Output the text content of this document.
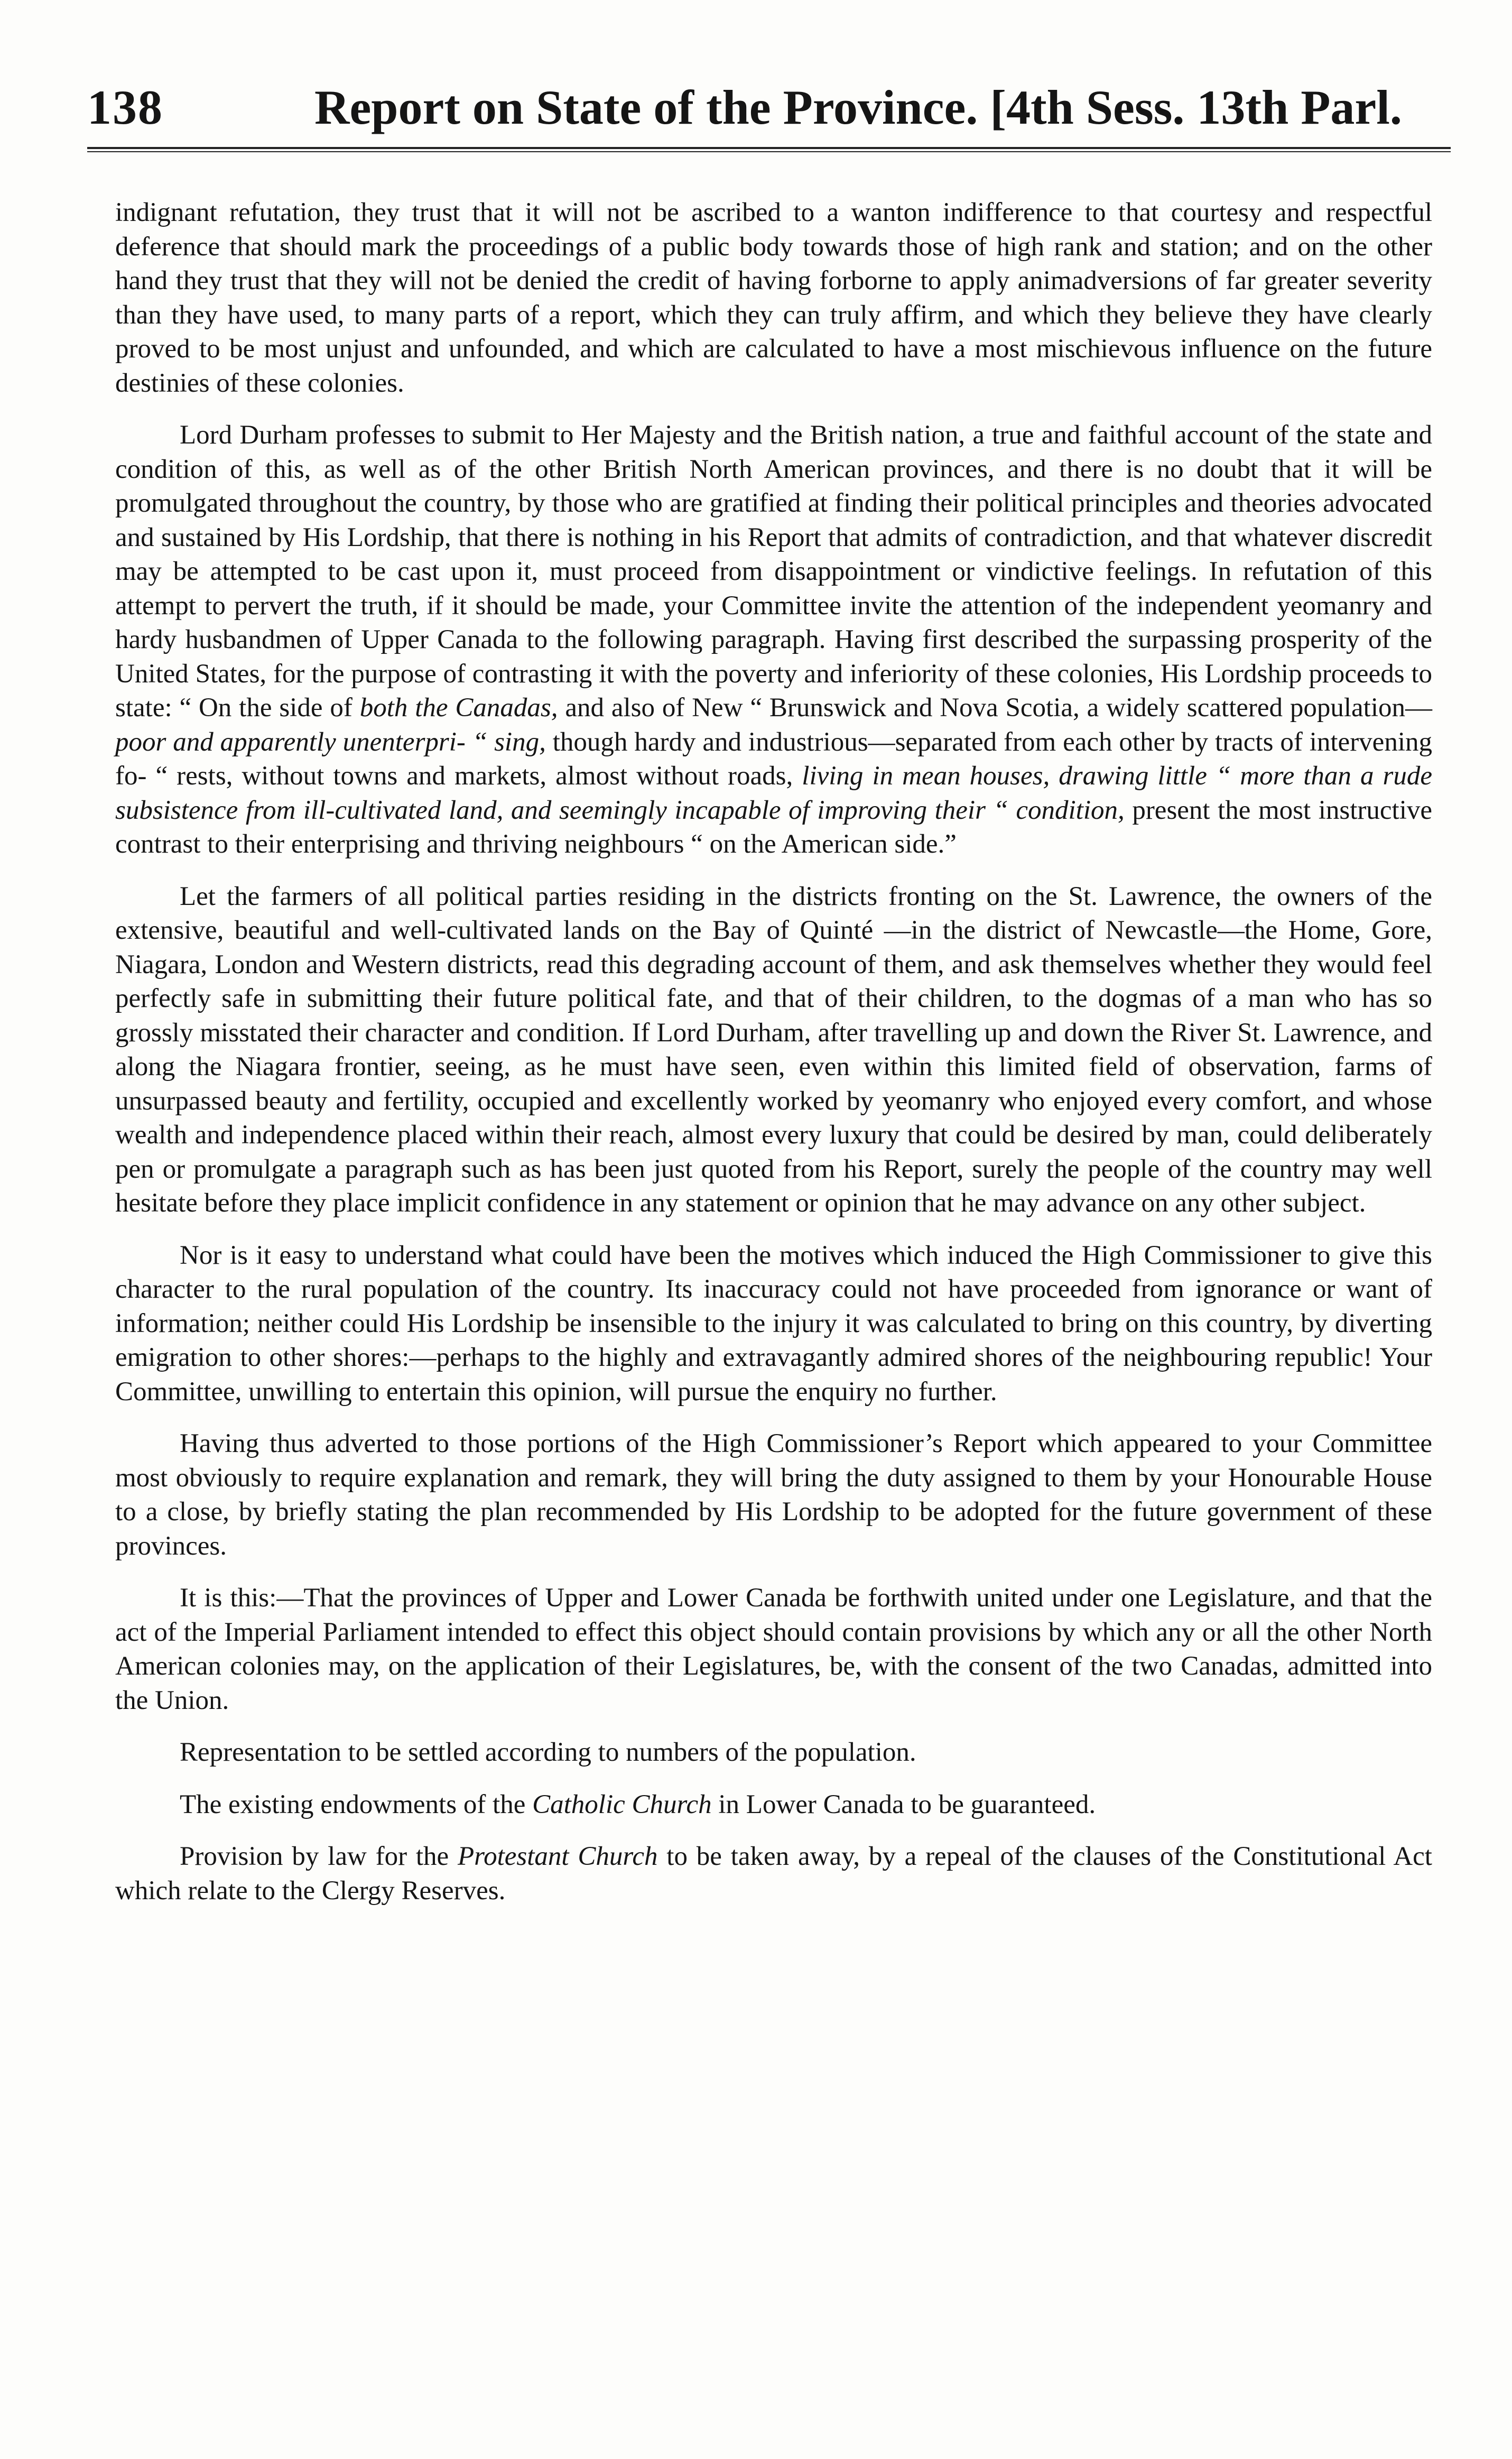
138	Report on State of the Province. [4th Sess. 13th Parl.

indignant refutation, they trust that it will not be ascribed to a wanton indifference to that courtesy and respectful deference that should mark the proceedings of a public body towards those of high rank and station; and on the other hand they trust that they will not be denied the credit of having forborne to apply animadversions of far greater severity than they have used, to many parts of a report, which they can truly affirm, and which they believe they have clearly proved to be most unjust and unfounded, and which are calculated to have a most mischievous influence on the future destinies of these colonies.

Lord Durham professes to submit to Her Majesty and the British nation, a true and faithful account of the state and condition of this, as well as of the other British North American provinces, and there is no doubt that it will be promulgated throughout the country, by those who are gratified at finding their political principles and theories advocated and sustained by His Lordship, that there is nothing in his Report that admits of contradiction, and that whatever discredit may be attempted to be cast upon it, must proceed from disappointment or vindictive feelings. In refutation of this attempt to pervert the truth, if it should be made, your Committee invite the attention of the independent yeomanry and hardy husbandmen of Upper Canada to the following paragraph. Having first described the surpassing prosperity of the United States, for the purpose of contrasting it with the poverty and inferiority of these colonies, His Lordship proceeds to state: “ On the side of both the Canadas, and also of New “ Brunswick and Nova Scotia, a widely scattered population—poor and apparently unenterpri- “ sing, though hardy and industrious—separated from each other by tracts of intervening fo- “ rests, without towns and markets, almost without roads, living in mean houses, drawing little “ more than a rude subsistence from ill-cultivated land, and seemingly incapable of improving their “ condition, present the most instructive contrast to their enterprising and thriving neighbours “ on the American side.”

Let the farmers of all political parties residing in the districts fronting on the St. Lawrence, the owners of the extensive, beautiful and well-cultivated lands on the Bay of Quinté —in the district of Newcastle—the Home, Gore, Niagara, London and Western districts, read this degrading account of them, and ask themselves whether they would feel perfectly safe in submitting their future political fate, and that of their children, to the dogmas of a man who has so grossly misstated their character and condition. If Lord Durham, after travelling up and down the River St. Lawrence, and along the Niagara frontier, seeing, as he must have seen, even within this limited field of observation, farms of unsurpassed beauty and fertility, occupied and excellently worked by yeomanry who enjoyed every comfort, and whose wealth and independence placed within their reach, almost every luxury that could be desired by man, could deliberately pen or promulgate a paragraph such as has been just quoted from his Report, surely the people of the country may well hesitate before they place implicit confidence in any statement or opinion that he may advance on any other subject.

Nor is it easy to understand what could have been the motives which induced the High Commissioner to give this character to the rural population of the country. Its inaccuracy could not have proceeded from ignorance or want of information; neither could His Lordship be insensible to the injury it was calculated to bring on this country, by diverting emigration to other shores:—perhaps to the highly and extravagantly admired shores of the neighbouring republic! Your Committee, unwilling to entertain this opinion, will pursue the enquiry no further.

Having thus adverted to those portions of the High Commissioner’s Report which appeared to your Committee most obviously to require explanation and remark, they will bring the duty assigned to them by your Honourable House to a close, by briefly stating the plan recommended by His Lordship to be adopted for the future government of these provinces.

It is this:—That the provinces of Upper and Lower Canada be forthwith united under one Legislature, and that the act of the Imperial Parliament intended to effect this object should contain provisions by which any or all the other North American colonies may, on the application of their Legislatures, be, with the consent of the two Canadas, admitted into the Union.

Representation to be settled according to numbers of the population.

The existing endowments of the Catholic Church in Lower Canada to be guaranteed.

Provision by law for the Protestant Church to be taken away, by a repeal of the clauses of the Constitutional Act which relate to the Clergy Reserves.
